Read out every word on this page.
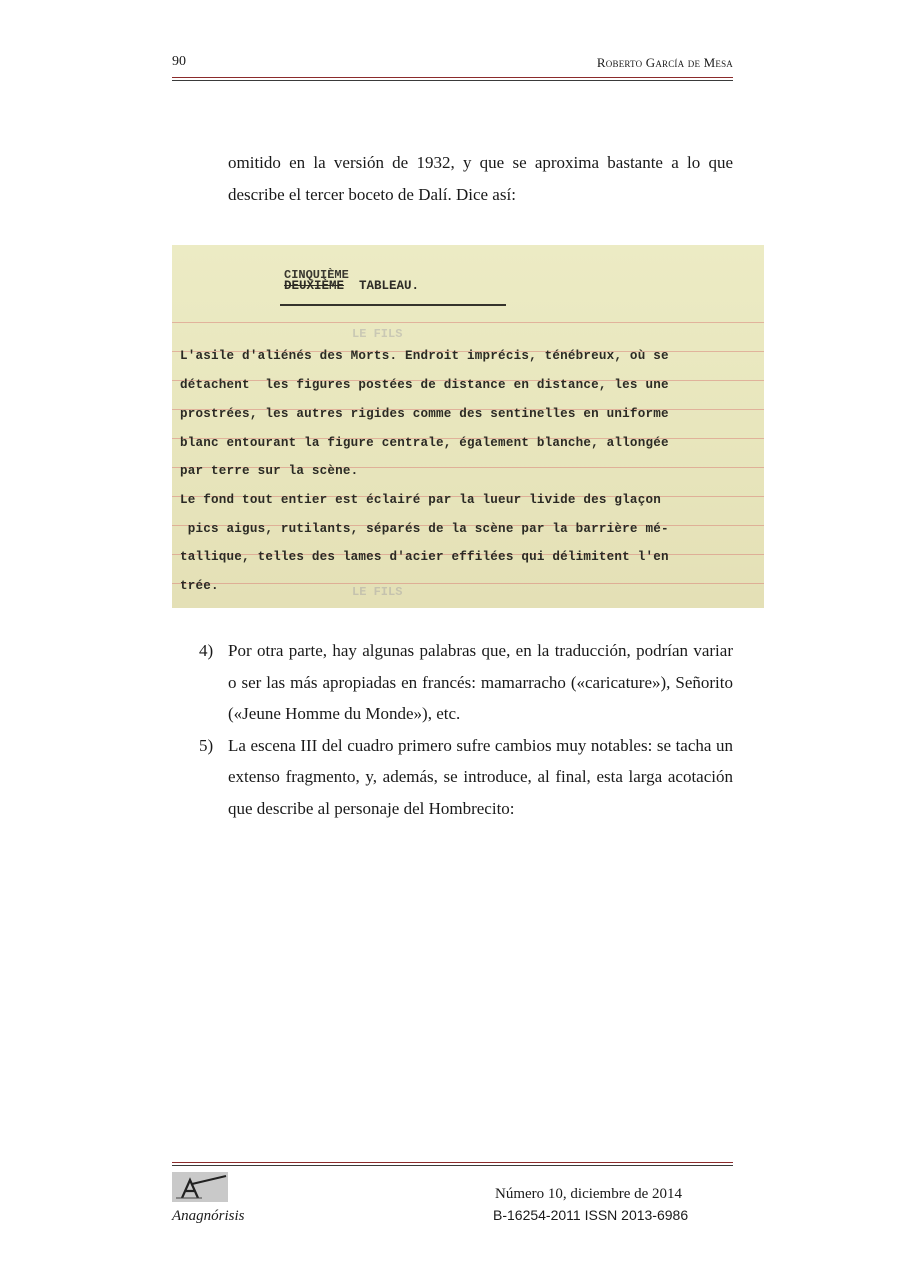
90	Roberto García de Mesa

omitido en la versión de 1932, y que se aproxima bastante a lo que describe el tercer boceto de Dalí. Dice así:

LE FILS
LE FILS
CINQUIÈME
DEUXIÈME TABLEAU.
L'asile d'aliénés des Morts. Endroit imprécis, ténébreux, où se
détachent  les figures postées de distance en distance, les une
prostrées, les autres rigides comme des sentinelles en uniforme
blanc entourant la figure centrale, également blanche, allongée
par terre sur la scène.
Le fond tout entier est éclairé par la lueur livide des glaçon
pics aigus, rutilants, séparés de la scène par la barrière mé-
tallique, telles des lames d'acier effilées qui délimitent l'en
trée.
4) Por otra parte, hay algunas palabras que, en la traducción, podrían variar o ser las más apropiadas en francés: mamarracho («caricature»), Señorito («Jeune Homme du Monde»), etc.
5) La escena III del cuadro primero sufre cambios muy notables: se tacha un extenso fragmento, y, además, se introduce, al final, esta larga acotación que describe al personaje del Hombrecito:
Anagnórisis
Número 10, diciembre de 2014
B-16254-2011 ISSN 2013-6986
